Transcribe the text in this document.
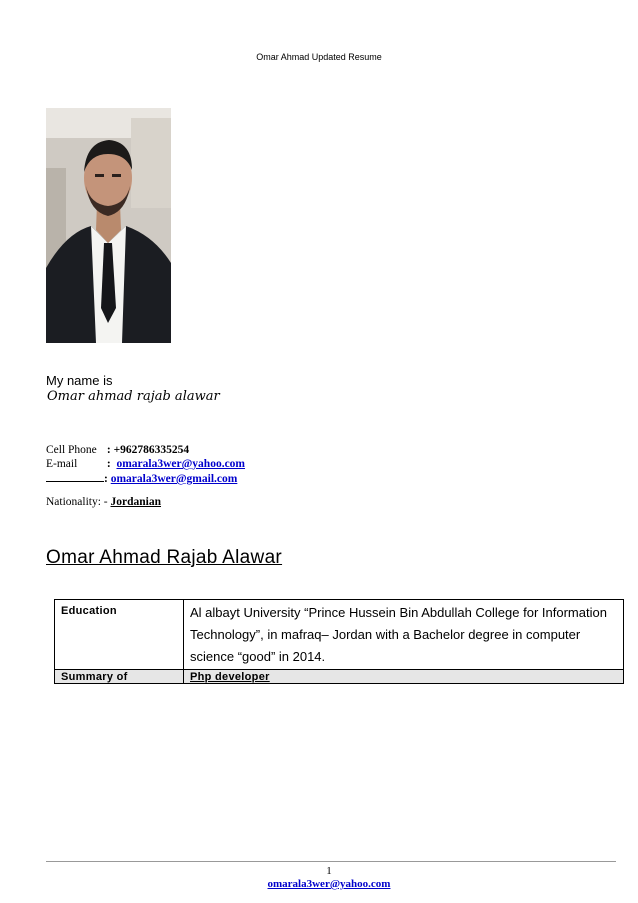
Omar Ahmad Updated Resume
My name is
Omar ahmad rajab alawar
Cell Phone : +962786335254
E-mail :  omarala3wer@yahoo.com
: omarala3wer@gmail.com
Nationality: - Jordanian
Omar Ahmad Rajab Alawar
Education	Al albayt University “Prince Hussein Bin Abdullah College for Information Technology”, in mafraq– Jordan with a Bachelor degree in computer science “good” in 2014.
Summary of	Php developer
1
omarala3wer@yahoo.com
